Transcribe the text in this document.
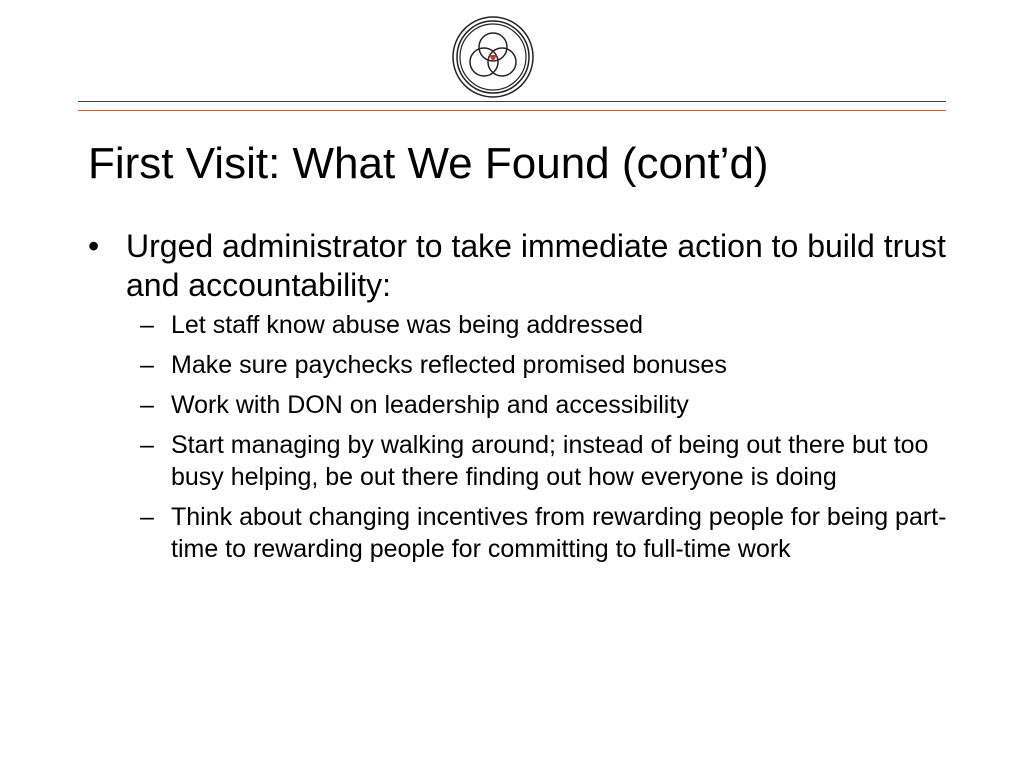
First Visit: What We Found (cont’d)
• Urged administrator to take immediate action to build trust and accountability:
– Let staff know abuse was being addressed
– Make sure paychecks reflected promised bonuses
– Work with DON on leadership and accessibility
– Start managing by walking around; instead of being out there but too busy helping, be out there finding out how everyone is doing
– Think about changing incentives from rewarding people for being part-time to rewarding people for committing to full-time work
